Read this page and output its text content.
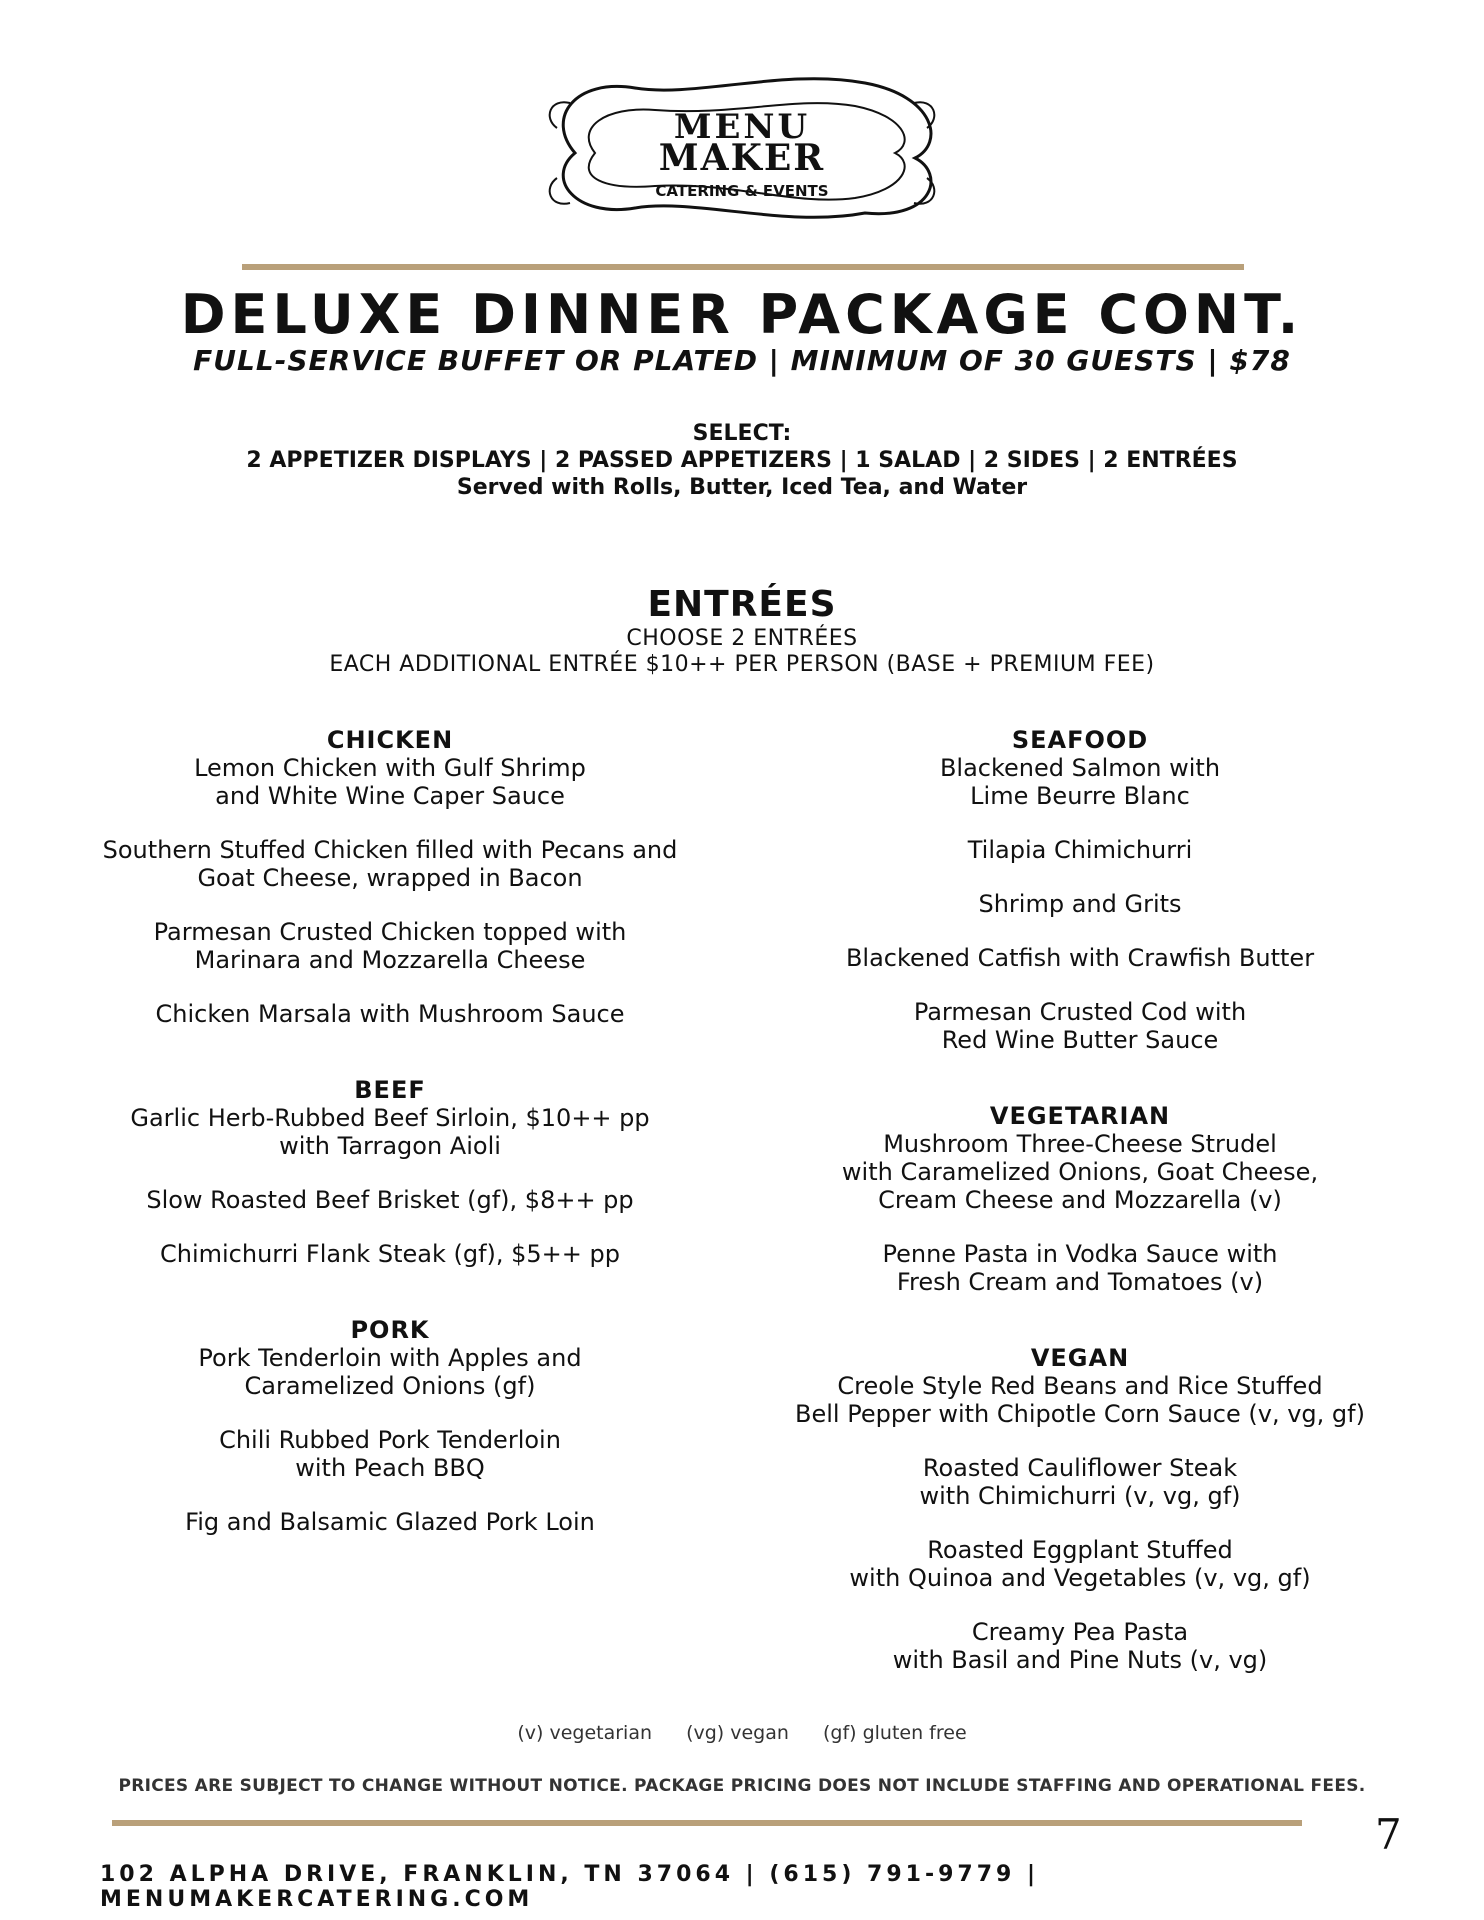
MENU
MAKER
CATERING & EVENTS
DELUXE DINNER PACKAGE CONT.
FULL-SERVICE BUFFET OR PLATED | MINIMUM OF 30 GUESTS | $78
SELECT:
2 APPETIZER DISPLAYS | 2 PASSED APPETIZERS | 1 SALAD | 2 SIDES | 2 ENTRÉES
Served with Rolls, Butter, Iced Tea, and Water
ENTRÉES
CHOOSE 2 ENTRÉES
EACH ADDITIONAL ENTRÉE $10++ PER PERSON (BASE + PREMIUM FEE)
CHICKEN
Lemon Chicken with Gulf Shrimp
and White Wine Caper Sauce
Southern Stuffed Chicken filled with Pecans and
Goat Cheese, wrapped in Bacon
Parmesan Crusted Chicken topped with
Marinara and Mozzarella Cheese
Chicken Marsala with Mushroom Sauce
BEEF
Garlic Herb-Rubbed Beef Sirloin, $10++ pp
with Tarragon Aioli
Slow Roasted Beef Brisket (gf), $8++ pp
Chimichurri Flank Steak (gf), $5++ pp
PORK
Pork Tenderloin with Apples and
Caramelized Onions (gf)
Chili Rubbed Pork Tenderloin
with Peach BBQ
Fig and Balsamic Glazed Pork Loin
SEAFOOD
Blackened Salmon with
Lime Beurre Blanc
Tilapia Chimichurri
Shrimp and Grits
Blackened Catfish with Crawfish Butter
Parmesan Crusted Cod with
Red Wine Butter Sauce
VEGETARIAN
Mushroom Three-Cheese Strudel
with Caramelized Onions, Goat Cheese,
Cream Cheese and Mozzarella (v)
Penne Pasta in Vodka Sauce with
Fresh Cream and Tomatoes (v)
VEGAN
Creole Style Red Beans and Rice Stuffed
Bell Pepper with Chipotle Corn Sauce (v, vg, gf)
Roasted Cauliflower Steak
with Chimichurri (v, vg, gf)
Roasted Eggplant Stuffed
with Quinoa and Vegetables (v, vg, gf)
Creamy Pea Pasta
with Basil and Pine Nuts (v, vg)
(v) vegetarian (vg) vegan (gf) gluten free
PRICES ARE SUBJECT TO CHANGE WITHOUT NOTICE. PACKAGE PRICING DOES NOT INCLUDE STAFFING AND OPERATIONAL FEES.
7
102 ALPHA DRIVE, FRANKLIN, TN 37064 | (615) 791-9779 | MENUMAKERCATERING.COM
